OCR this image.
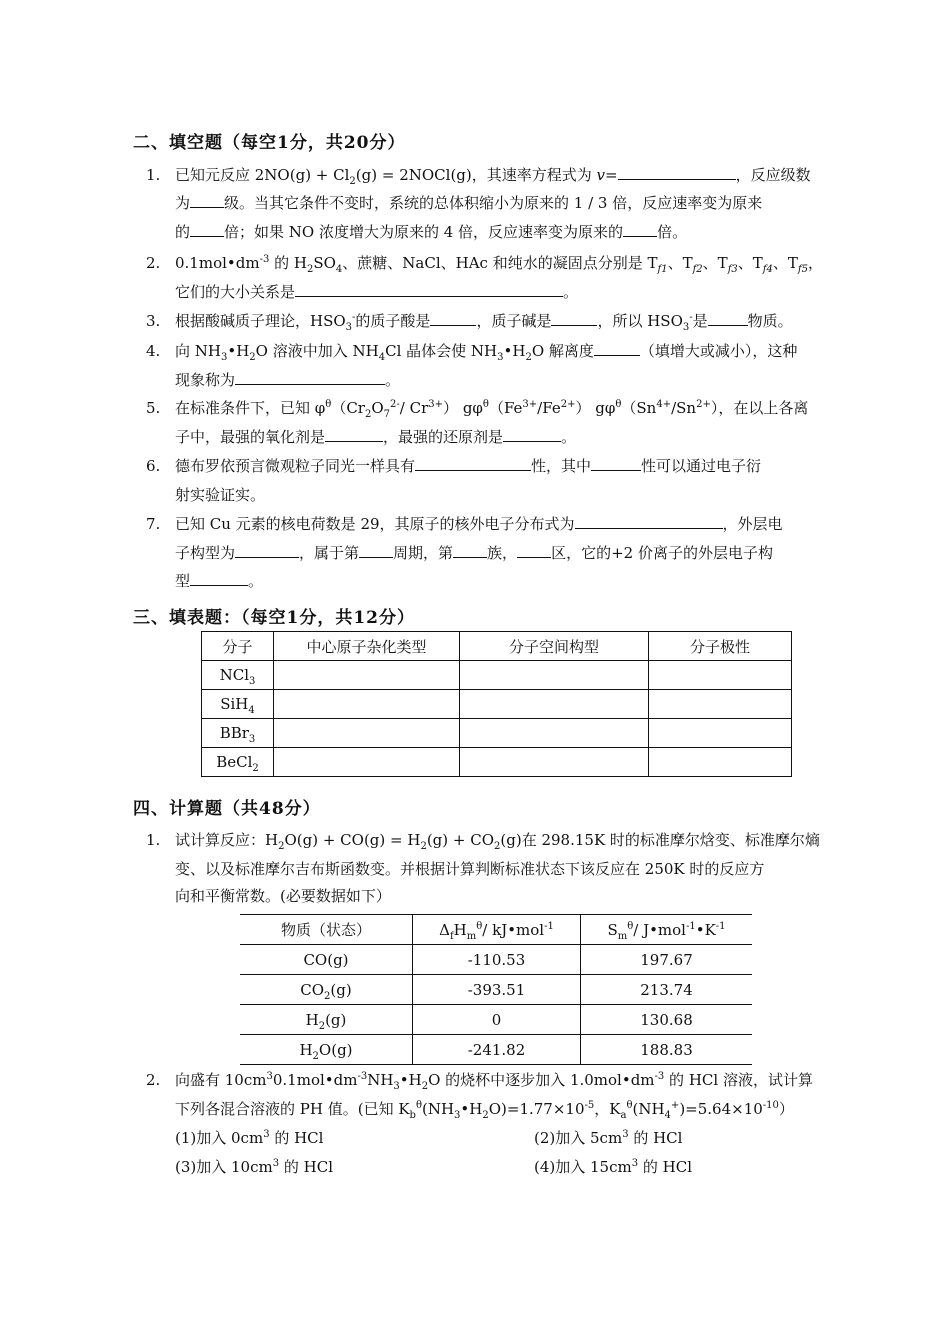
二、填空题（每空1分，共20分）
1. 已知元反应 $2NO(g) + Cl_2(g)$ = 2NOCl(g)，其速率方程式为 v=	，反应级数
为 级。当其它条件不变时，系统的总体积缩小为原来的 1 / 3 倍，反应速率变为原来
的 倍；如果 NO 浓度增大为原来的 4 倍，反应速率变为原来的 倍。
2. $0.1mol•dm^{-3}$ 的 $H_2SO_4$、蔗糖、NaCl、HAc 和纯水的凝固点分别是 $T_{f1}$、$T_{f2}$、$T_{f3}$、$T_{f4}$、$T_{f5}$，
它们的大小关系是	。
3. 根据酸碱质子理论，$HSO_3^-$的质子酸是	，质子碱是	，所以 $HSO_3^-$是	物质。
4. 向 $NH_3•H_2O$ 溶液中加入 $NH_4Cl$ 晶体会使 $NH_3•H_2O$ 解离度	（填增大或减小），这种
现象称为	。
5. 在标准条件下，已知 $\varphi^\theta(Cr_2O_7^{2-}/$ $Cr^{3+}$） $g\varphi^\theta(Fe^{3+}/Fe^{2+})$ $g\varphi^\theta(Sn^{4+}/Sn^{2+})$，在以上各离
子中，最强的氧化剂是	，最强的还原剂是	。
6. 德布罗依预言微观粒子同光一样具有	性，其中	性可以通过电子衍
射实验证实。
7. 已知 Cu 元素的核电荷数是 29，其原子的核外电子分布式为	，外层电
子构型为	，属于第 周期，第 族， 区，它的+2 价离子的外层电子构
型	。
三、填表题：（每空1分，共12分）
分子	中心原子杂化类型	分子空间构型	分子极性
NCl$_3$			
SiH$_4$			
BBr$_3$			
BeCl$_2$			
四、计算题（共48分）
1. 试计算反应：$H_2O(g) + CO(g) = H_2(g) + CO_2(g)$在 298.15K 时的标准摩尔焓变、标准摩尔熵
变、以及标准摩尔吉布斯函数变。并根据计算判断标准状态下该反应在 250K 时的反应方
向和平衡常数。(必要数据如下）
物质（状态）	$\Delta_fH_m^\theta/$ kJ•mol$^{-1}$	$S_m^\theta/$ $J•mol^{-1}•K^{-1}$
CO(g)	-110.53	197.67
$CO_2(g)$	-393.51	213.74
$H_2(g)$	0	130.68
$H_2O(g)$	-241.82	188.83
2. 向盛有 $10cm^30.1mol•dm^{-3}NH_3•H_2O$ 的烧杯中逐步加入 $1.0mol•dm^{-3}$ 的 HCl 溶液，试计算
下列各混合溶液的 PH 值。(已知 $K_b^\theta(NH_3•H_2O)=1.77\times 10^{-5}$，$K_a^\theta(NH_4^+)=5.64\times 10^{-10}$）
(1)加入 $0cm^3$ 的 HCl	(2)加入 $5cm^3$ 的 HCl
(3)加入 $10cm^3$ 的 HCl	(4)加入 $15cm^3$ 的 HCl
